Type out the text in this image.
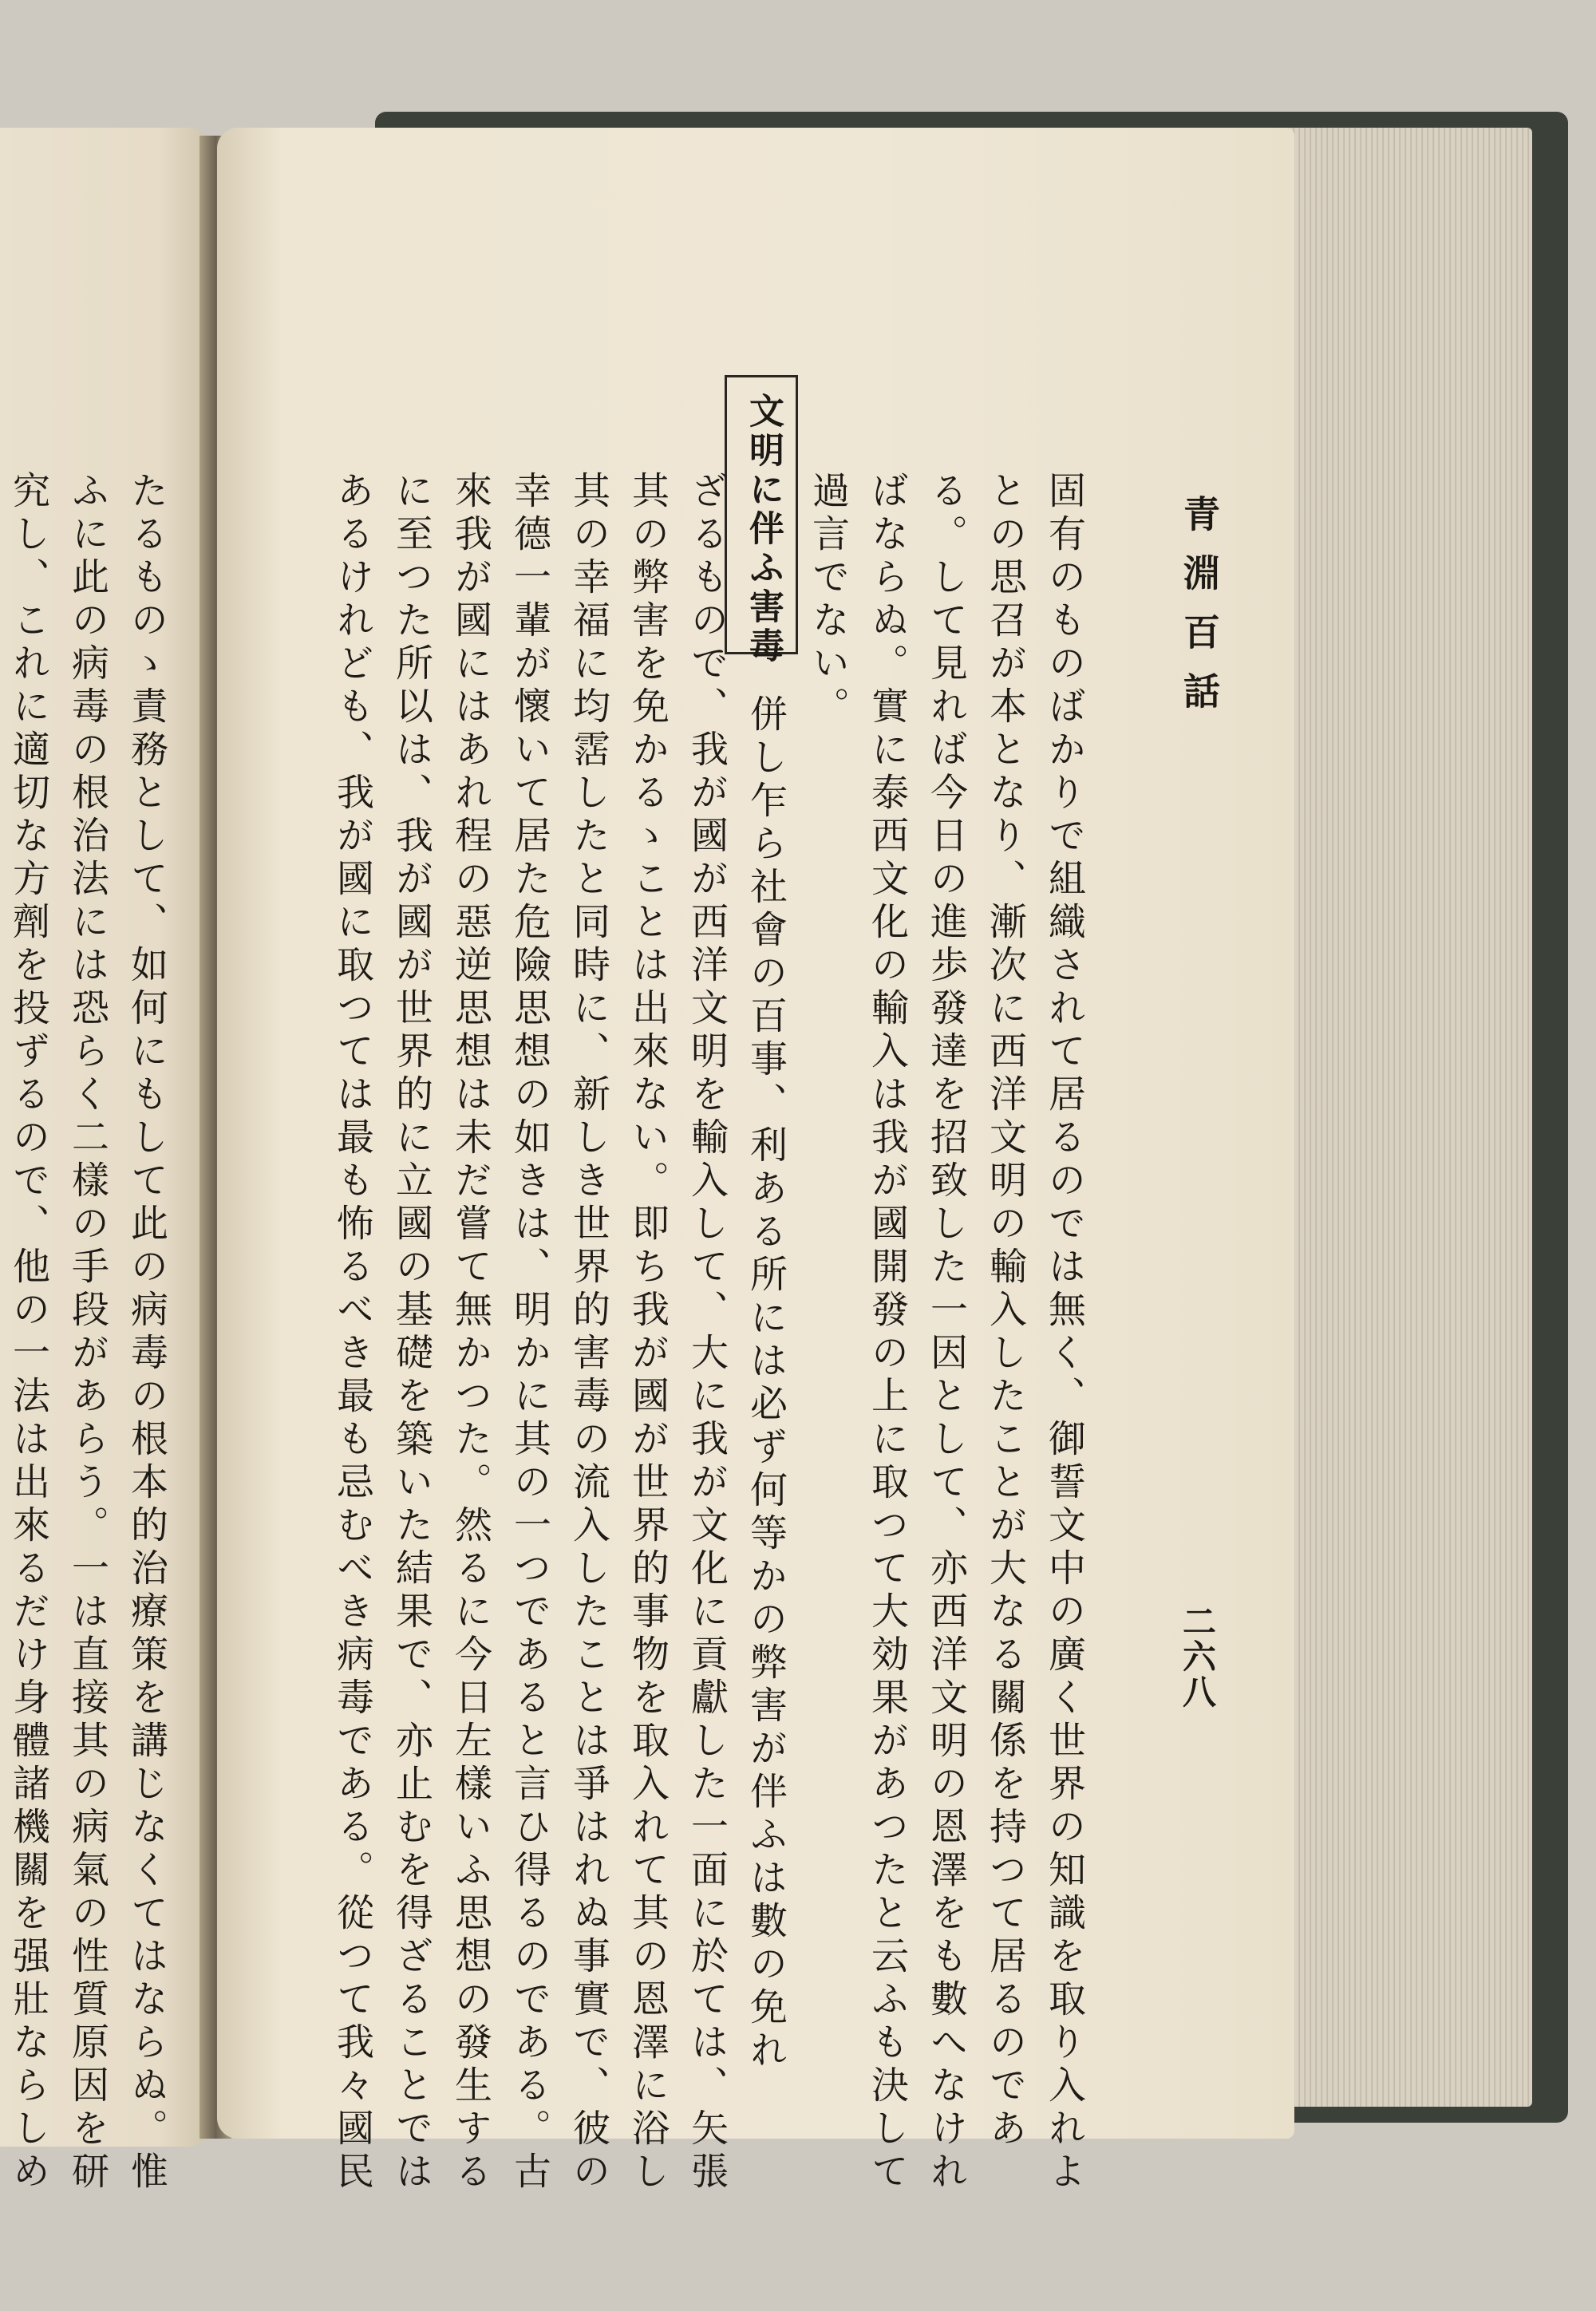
青淵百話
二六八

固有のものばかりで組織されて居るのでは無く、御誓文中の廣く世界の知識を取り入れよ

との思召が本となり、漸次に西洋文明の輸入したことが大なる關係を持つて居るのであ

る。して見れば今日の進歩發達を招致した一因として、亦西洋文明の恩澤をも數へなけれ

ばならぬ。實に泰西文化の輸入は我が國開發の上に取つて大効果があつたと云ふも決して

過言でない。

文明に伴ふ害毒

併し乍ら社會の百事、利ある所には必ず何等かの弊害が伴ふは數の免れ

ざるもので、我が國が西洋文明を輸入して、大に我が文化に貢獻した一面に於ては、矢張

其の弊害を免かるゝことは出來ない。即ち我が國が世界的事物を取入れて其の恩澤に浴し

其の幸福に均霑したと同時に、新しき世界的害毒の流入したことは爭はれぬ事實で、彼の

幸德一輩が懷いて居た危險思想の如きは、明かに其の一つであると言ひ得るのである。古

來我が國にはあれ程の惡逆思想は未だ嘗て無かつた。然るに今日左樣いふ思想の發生する

に至つた所以は、我が國が世界的に立國の基礎を築いた結果で、亦止むを得ざることでは

あるけれども、我が國に取つては最も怖るべき最も忌むべき病毒である。從つて我々國民

たるものゝ責務として、如何にもして此の病毒の根本的治療策を講じなくてはならぬ。惟

ふに此の病毒の根治法には恐らく二樣の手段があらう。一は直接其の病氣の性質原因を研

究し、これに適切な方劑を投ずるので、他の一法は出來るだけ身體諸機關を强壯ならしめ
